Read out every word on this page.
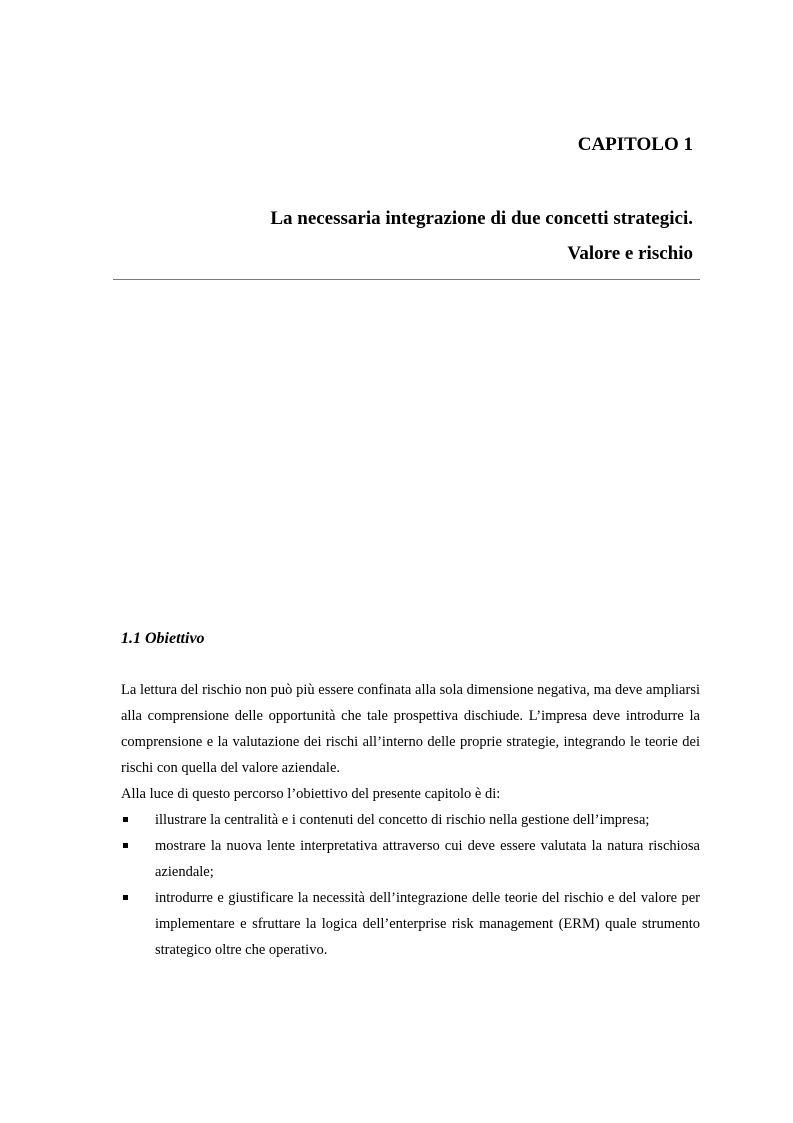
CAPITOLO 1
La necessaria integrazione di due concetti strategici.
Valore e rischio
1.1 Obiettivo

La lettura del rischio non può più essere confinata alla sola dimensione negativa, ma deve ampliarsi alla comprensione delle opportunità che tale prospettiva dischiude. L’impresa deve introdurre la comprensione e la valutazione dei rischi all’interno delle proprie strategie, integrando le teorie dei rischi con quella del valore aziendale.

Alla luce di questo percorso l’obiettivo del presente capitolo è di:

illustrare la centralità e i contenuti del concetto di rischio nella gestione dell’impresa;
mostrare la nuova lente interpretativa attraverso cui deve essere valutata la natura rischiosa aziendale;
introdurre e giustificare la necessità dell’integrazione delle teorie del rischio e del valore per implementare e sfruttare la logica dell’enterprise risk management (ERM) quale strumento strategico oltre che operativo.
